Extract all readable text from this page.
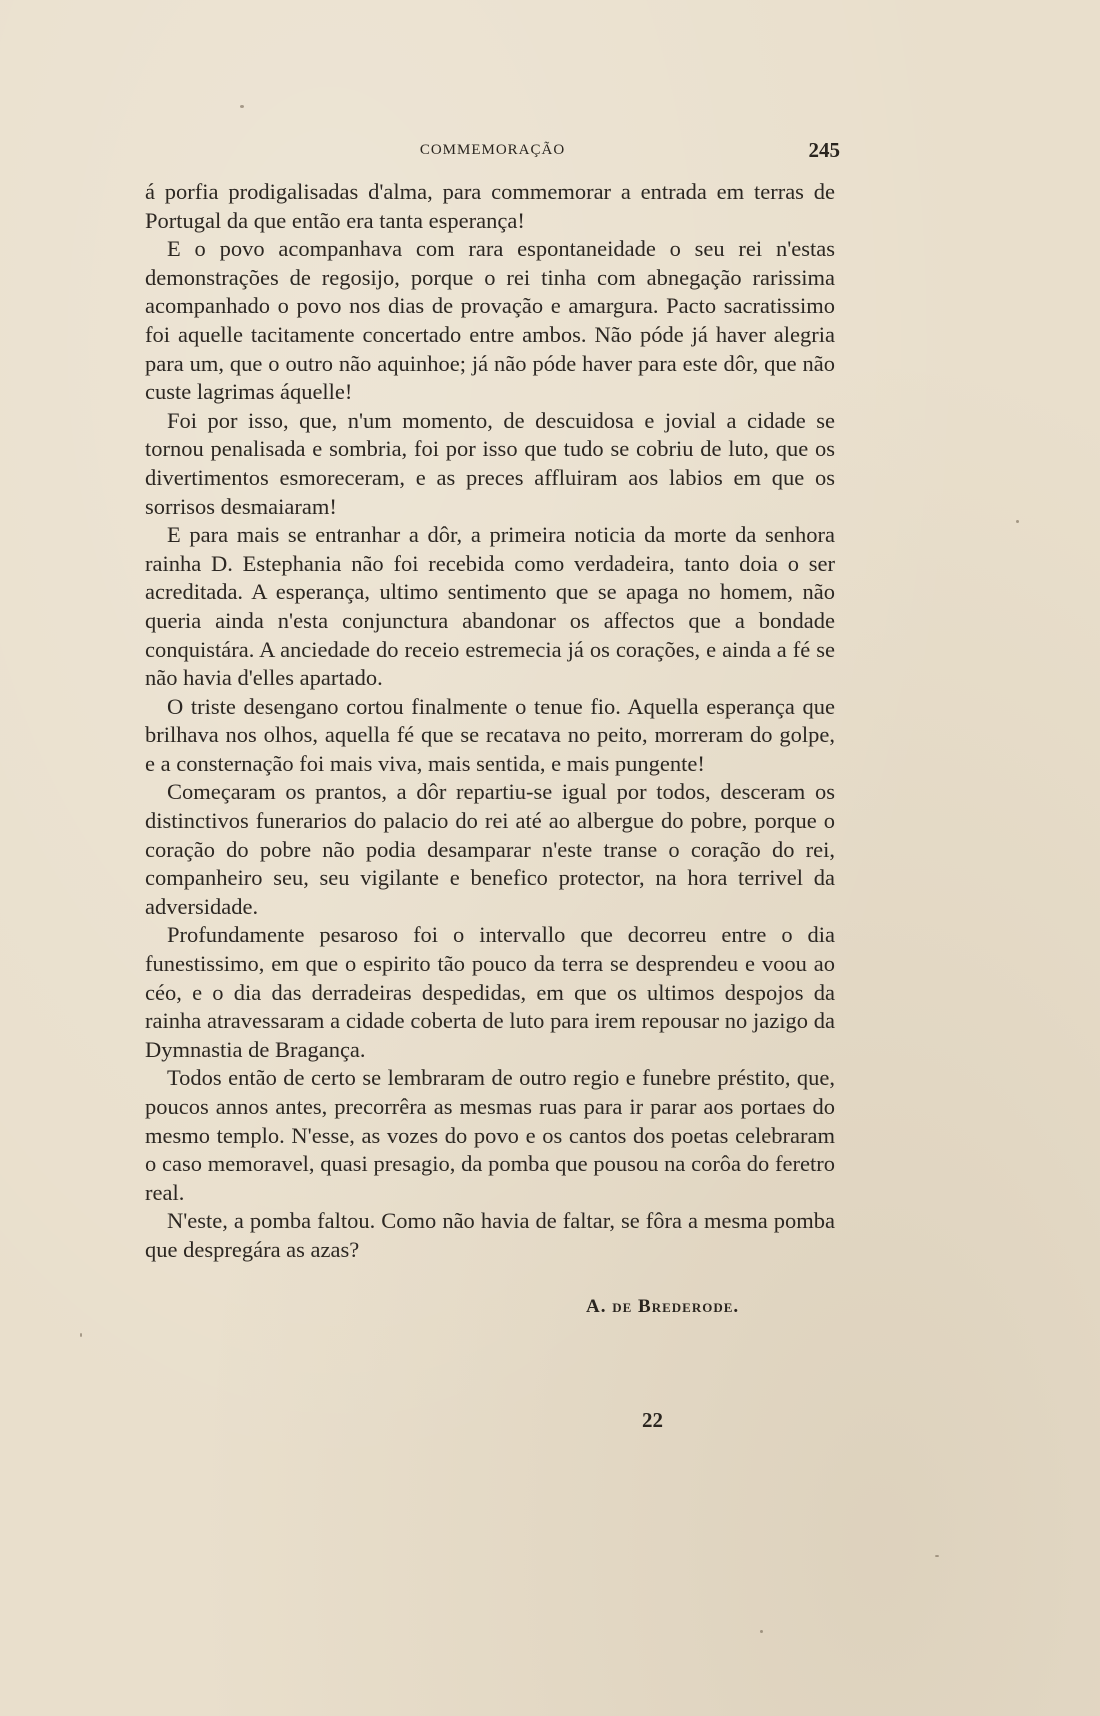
COMMEMORAÇÃO	245

á porfia prodigalisadas d'alma, para commemorar a entrada em terras de Portugal da que então era tanta esperança!

E o povo acompanhava com rara espontaneidade o seu rei n'estas demonstrações de regosijo, porque o rei tinha com abnegação rarissima acompanhado o povo nos dias de provação e amargura. Pacto sacratissimo foi aquelle tacitamente concertado entre ambos. Não póde já haver alegria para um, que o outro não aquinhoe; já não póde haver para este dôr, que não custe lagrimas áquelle!

Foi por isso, que, n'um momento, de descuidosa e jovial a cidade se tornou penalisada e sombria, foi por isso que tudo se cobriu de luto, que os divertimentos esmoreceram, e as preces affluiram aos labios em que os sorrisos desmaiaram!

E para mais se entranhar a dôr, a primeira noticia da morte da senhora rainha D. Estephania não foi recebida como verdadeira, tanto doia o ser acreditada. A esperança, ultimo sentimento que se apaga no homem, não queria ainda n'esta conjunctura abandonar os affectos que a bondade conquistára. A anciedade do receio estremecia já os corações, e ainda a fé se não havia d'elles apartado.

O triste desengano cortou finalmente o tenue fio. Aquella esperança que brilhava nos olhos, aquella fé que se recatava no peito, morreram do golpe, e a consternação foi mais viva, mais sentida, e mais pungente!

Começaram os prantos, a dôr repartiu-se igual por todos, desceram os distinctivos funerarios do palacio do rei até ao albergue do pobre, porque o coração do pobre não podia desamparar n'este transe o coração do rei, companheiro seu, seu vigilante e benefico protector, na hora terrivel da adversidade.

Profundamente pesaroso foi o intervallo que decorreu entre o dia funestissimo, em que o espirito tão pouco da terra se desprendeu e voou ao céo, e o dia das derradeiras despedidas, em que os ultimos despojos da rainha atravessaram a cidade coberta de luto para irem repousar no jazigo da Dymnastia de Bragança.

Todos então de certo se lembraram de outro regio e funebre préstito, que, poucos annos antes, precorrêra as mesmas ruas para ir parar aos portaes do mesmo templo. N'esse, as vozes do povo e os cantos dos poetas celebraram o caso memoravel, quasi presagio, da pomba que pousou na corôa do feretro real.

N'este, a pomba faltou. Como não havia de faltar, se fôra a mesma pomba que despregára as azas?

A. de Brederode.
22
